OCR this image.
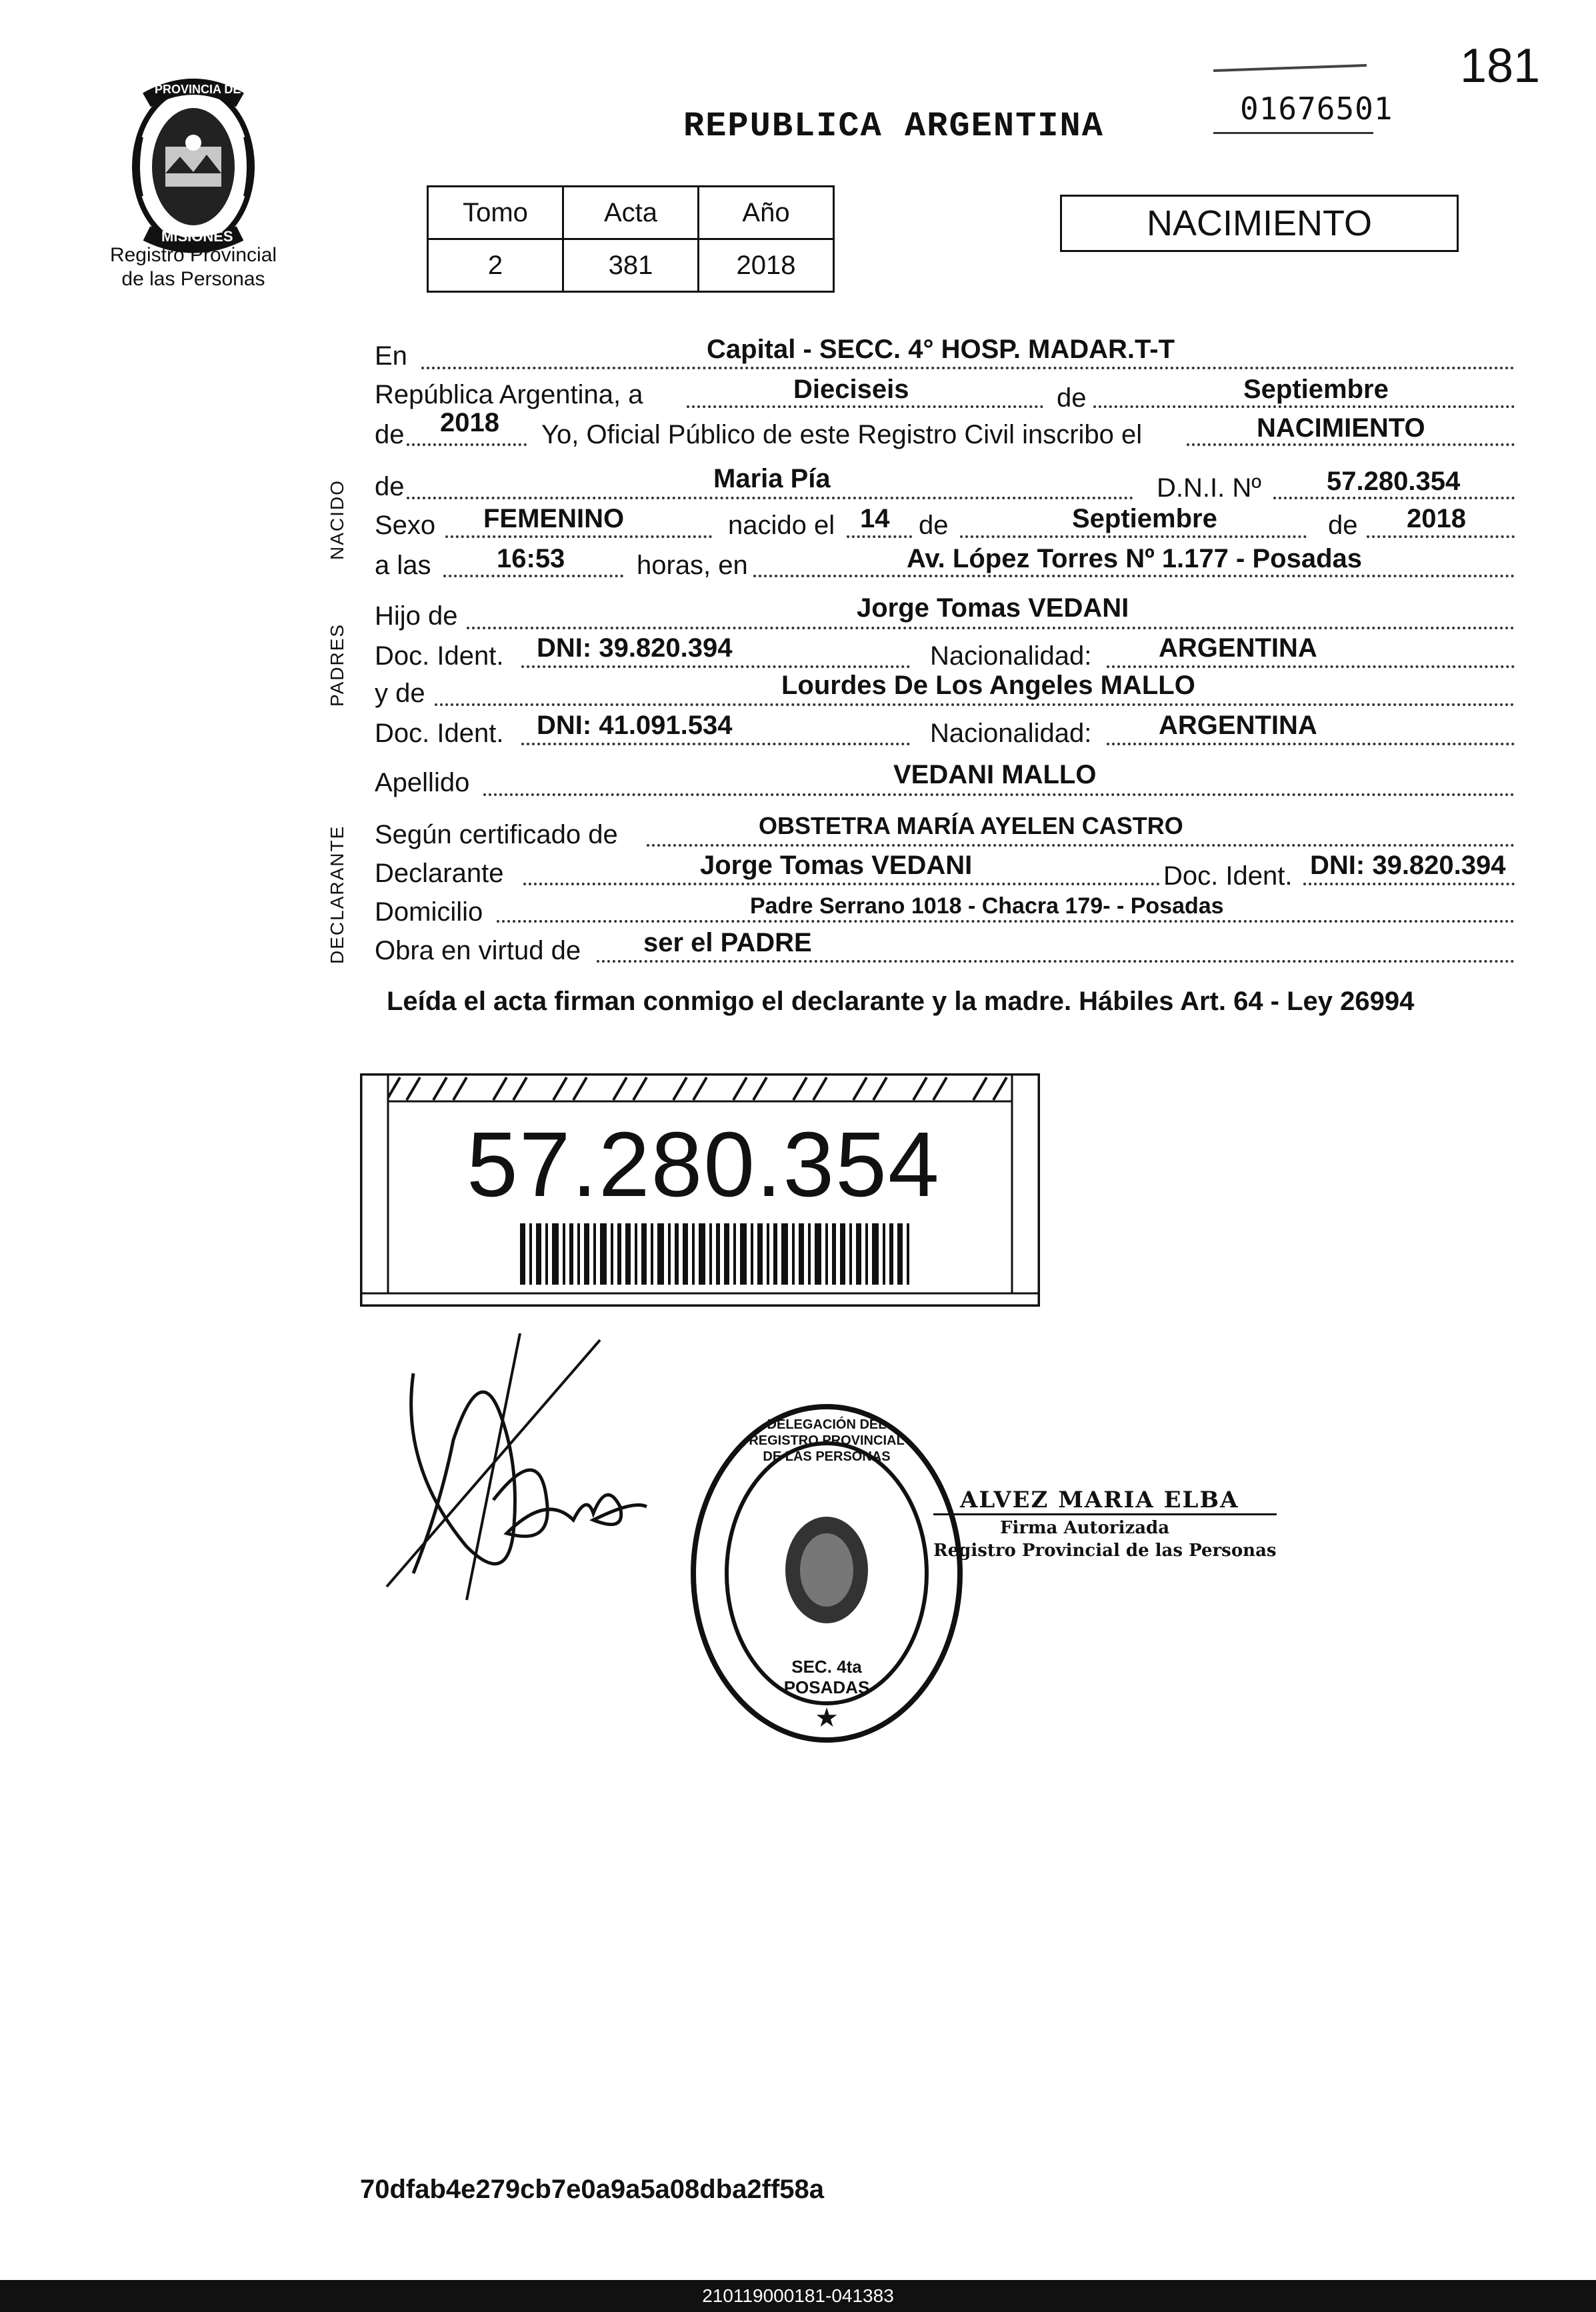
181
01676501
PROVINCIA DE
MISIONES
Registro Provincial
de las Personas
REPUBLICA ARGENTINA
Tomo	Acta	Año
2	381	2018
NACIMIENTO
NACIDO
PADRES
DECLARANTE
En	Capital - SECC. 4° HOSP. MADAR.T-T
República Argentina, a	Dieciseis	de	Septiembre
de 2018 Yo, Oficial Público de este Registro Civil inscribo el	NACIMIENTO
de	Maria Pía	D.N.I. Nº 57.280.354
Sexo FEMENINO	nacido el 14 de	Septiembre	de 2018
a las 16:53	horas, en	Av. López Torres Nº 1.177 - Posadas
Hijo de	Jorge Tomas VEDANI
Doc. Ident. DNI: 39.820.394	Nacionalidad:	ARGENTINA
y de	Lourdes De Los Angeles MALLO
Doc. Ident. DNI: 41.091.534	Nacionalidad:	ARGENTINA
Apellido	VEDANI MALLO
Según certificado de	OBSTETRA MARÍA AYELEN CASTRO
Declarante	Jorge Tomas VEDANI	Doc. Ident. DNI: 39.820.394
Domicilio	Padre Serrano 1018 - Chacra 179- - Posadas
Obra en virtud de ser el PADRE
Leída el acta firman conmigo el declarante y la madre. Hábiles Art. 64 - Ley 26994
57.280.354
★
DELEGACIÓN DEL REGISTRO PROVINCIAL DE LAS PERSONAS
SEC. 4ta POSADAS
ALVEZ MARIA ELBA
Firma Autorizada
Registro Provincial de las Personas
70dfab4e279cb7e0a9a5a08dba2ff58a
210119000181-041383
